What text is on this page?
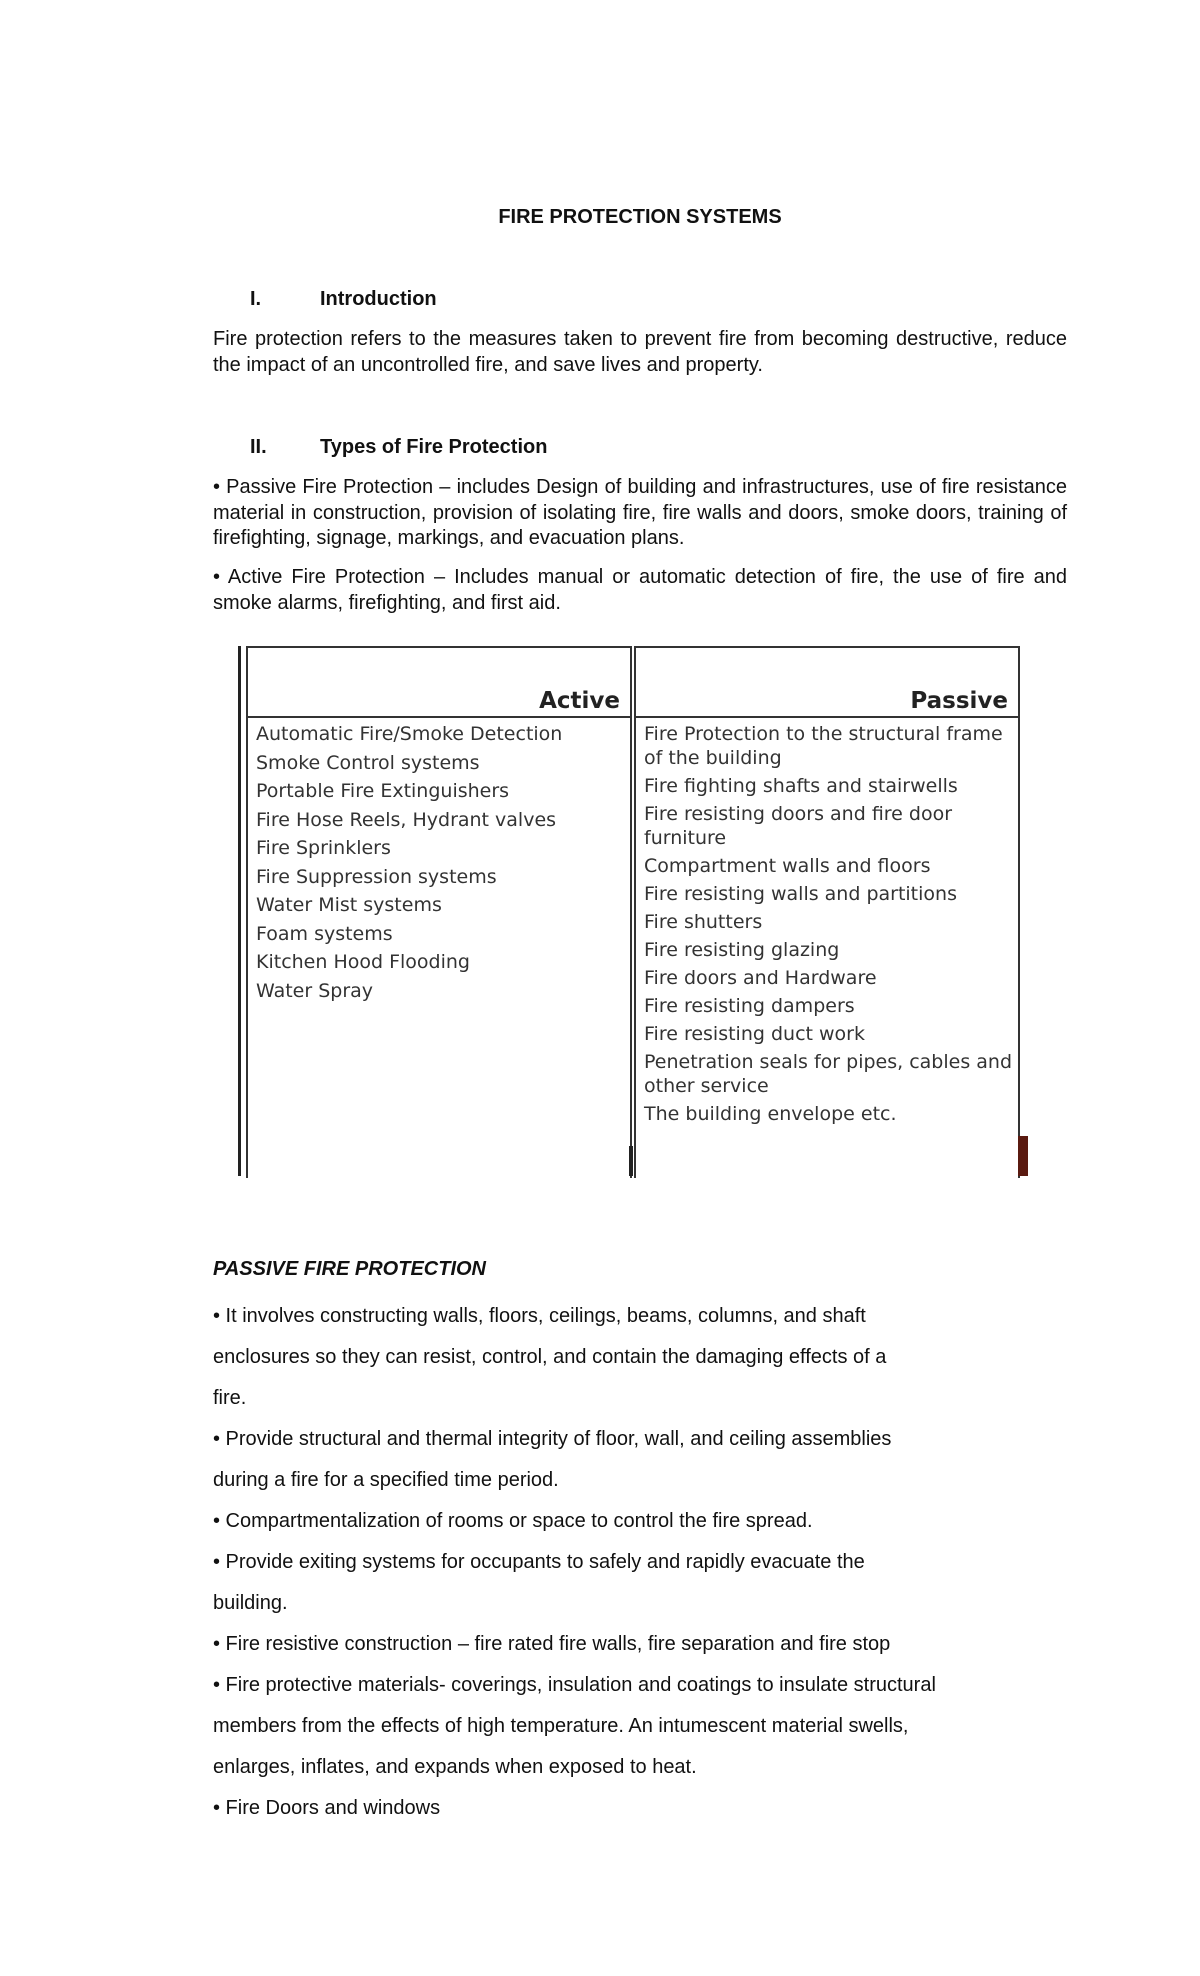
FIRE PROTECTION SYSTEMS
I.	Introduction

Fire protection refers to the measures taken to prevent fire from becoming destructive, reduce the impact of an uncontrolled fire, and save lives and property.

II.	Types of Fire Protection

• Passive Fire Protection – includes Design of building and infrastructures, use of fire resistance material in construction, provision of isolating fire, fire walls and doors, smoke doors, training of firefighting, signage, markings, and evacuation plans.

• Active Fire Protection – Includes manual or automatic detection of fire, the use of fire and smoke alarms, firefighting, and first aid.

Active
Automatic Fire/Smoke Detection
Smoke Control systems
Portable Fire Extinguishers
Fire Hose Reels, Hydrant valves
Fire Sprinklers
Fire Suppression systems
Water Mist systems
Foam systems
Kitchen Hood Flooding
Water Spray
Passive
Fire Protection to the structural frame of the building
Fire fighting shafts and stairwells
Fire resisting doors and fire door furniture
Compartment walls and floors
Fire resisting walls and partitions
Fire shutters
Fire resisting glazing
Fire doors and Hardware
Fire resisting dampers
Fire resisting duct work
Penetration seals for pipes, cables and other service
The building envelope etc.
PASSIVE FIRE PROTECTION
• It involves constructing walls, floors, ceilings, beams, columns, and shaft
enclosures so they can resist, control, and contain the damaging effects of a
fire.
• Provide structural and thermal integrity of floor, wall, and ceiling assemblies
during a fire for a specified time period.
• Compartmentalization of rooms or space to control the fire spread.
• Provide exiting systems for occupants to safely and rapidly evacuate the
building.
• Fire resistive construction – fire rated fire walls, fire separation and fire stop
• Fire protective materials- coverings, insulation and coatings to insulate structural
members from the effects of high temperature. An intumescent material swells,
enlarges, inflates, and expands when exposed to heat.
• Fire Doors and windows
